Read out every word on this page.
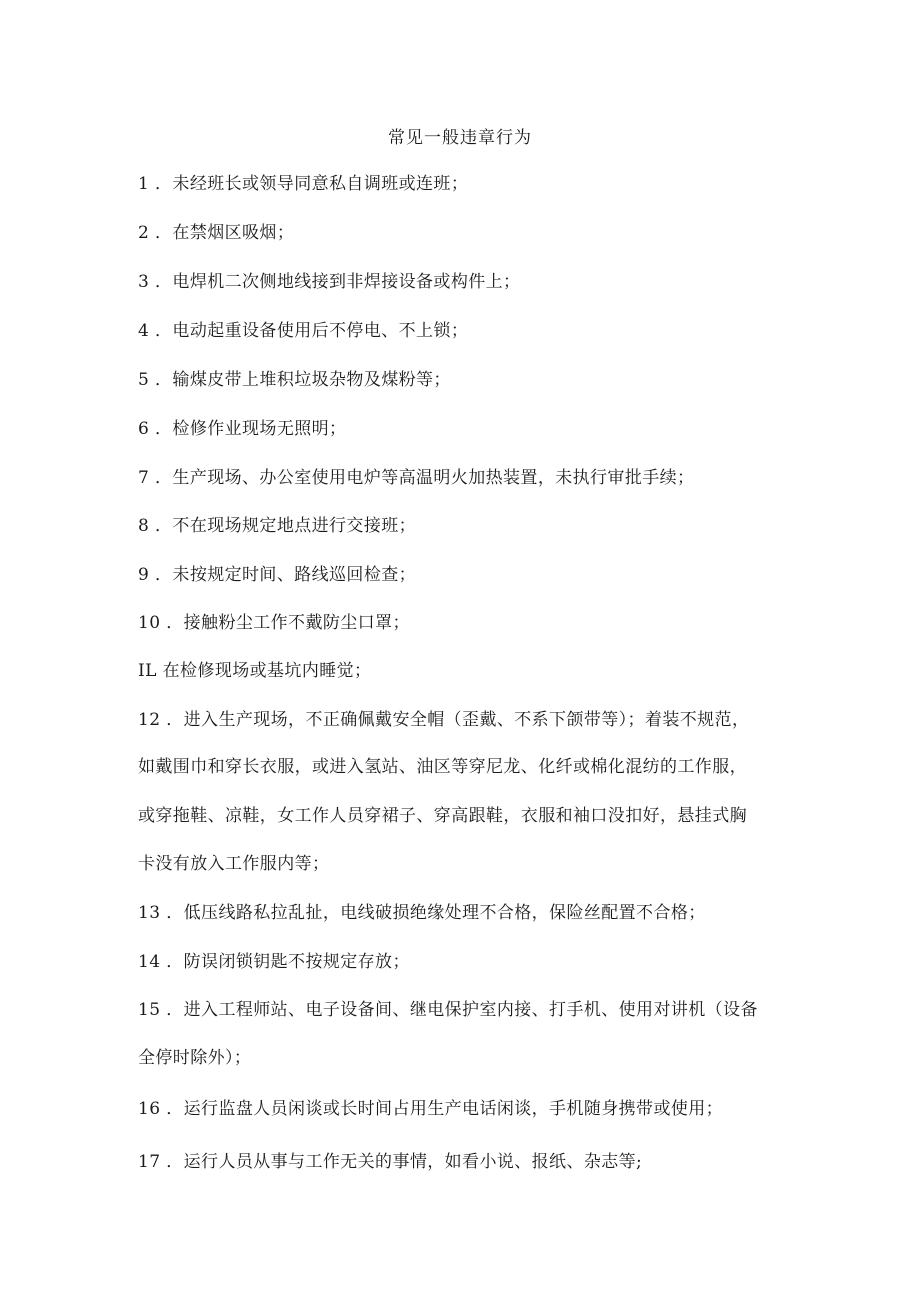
常见一般违章行为
1 ．未经班长或领导同意私自调班或连班；
2 ．在禁烟区吸烟；
3 ．电焊机二次侧地线接到非焊接设备或构件上；
4 ．电动起重设备使用后不停电、不上锁；
5 ．输煤皮带上堆积垃圾杂物及煤粉等；
6 ．检修作业现场无照明；
7 ．生产现场、办公室使用电炉等高温明火加热装置，未执行审批手续；
8 ．不在现场规定地点进行交接班；
9 ．未按规定时间、路线巡回检查；
10 ．接触粉尘工作不戴防尘口罩；
IL 在检修现场或基坑内睡觉；
12 ．进入生产现场，不正确佩戴安全帽（歪戴、不系下颌带等）；着装不规范，
如戴围巾和穿长衣服，或进入氢站、油区等穿尼龙、化纤或棉化混纺的工作服，
或穿拖鞋、凉鞋，女工作人员穿裙子、穿高跟鞋，衣服和袖口没扣好，悬挂式胸
卡没有放入工作服内等；
13 ．低压线路私拉乱扯，电线破损绝缘处理不合格，保险丝配置不合格；
14 ．防误闭锁钥匙不按规定存放；
15 ．进入工程师站、电子设备间、继电保护室内接、打手机、使用对讲机（设备
全停时除外）；
16 ．运行监盘人员闲谈或长时间占用生产电话闲谈，手机随身携带或使用；
17 ．运行人员从事与工作无关的事情，如看小说、报纸、杂志等;
